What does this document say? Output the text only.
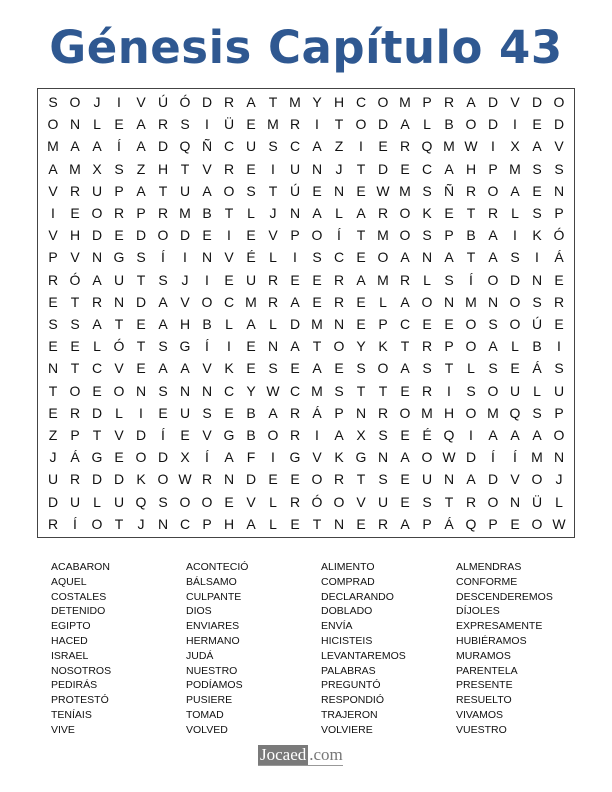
Génesis Capítulo 43
S O J	I	V Ú Ó D R A T M Y H C O M P R A D V D O
O N L E A R S	I	Ü E M R	I	T O D A L B O D	I	E D
M A A	Í	A D Q Ñ C U S C A Z	I	E R Q M W I	X A V
A M X S Z H T V R E	I	U N J	T D E C A H P M S S
V R U P A T U A O S T Ú E N E W M S Ñ R O A E N
I	E O R P R M B T L	J N A L A R O K E T R L S P
V H D E D O D E	I	E V P O	Í	T M O S P B A	I	K Ó
P V N G S	Í	I	N V É L	I	S C E O A N A T A S	I	Á
R Ó A U T S J	I	E U R E E R A M R L S	Í	O D N E
E T R N D A V O C M R A E R E L A O N M N O S R
S S A T E A H B L A L D M N E P C E E O S O Ú E
E E L Ó T S G	Í	I	E N A T O Y K T R P O A L B	I
N T C V E A A V K E S E A E S O A S T L S E Á S
T O E O N S N N C Y W C M S T T E R	I	S O U L U
E R D L	I	E U S E B A R Á P N R O M H O M Q S P
Z P T V D	Í	E V G B O R	I	A X S E É Q	I	A A A O
J Á G E O D X	Í	A F	I	G V K G N A O W D	Í	Í	M N
U R D D K O W R N D E E O R T S E U N A D V O J
D U L U Q S O O E V L R Ó O V U E S T R O N Ü L
R	Í	O T	J N C P H A L E T N E R A P Á Q P E O W
ACABARON	ACONTECIÓ	ALIMENTO	ALMENDRAS
AQUEL	BÁLSAMO	COMPRAD	CONFORME
COSTALES	CULPANTE	DECLARANDO	DESCENDEREMOS
DETENIDO	DIOS	DOBLADO	DÍJOLES
EGIPTO	ENVIARES	ENVÍA	EXPRESAMENTE
HACED	HERMANO	HICISTEIS	HUBIÉRAMOS
ISRAEL	JUDÁ	LEVANTAREMOS	MURAMOS
NOSOTROS	NUESTRO	PALABRAS	PARENTELA
PEDIRÁS	PODÍAMOS	PREGUNTÓ	PRESENTE
PROTESTÓ	PUSIERE	RESPONDIÓ	RESUELTO
TENÍAIS	TOMAD	TRAJERON	VIVAMOS
VIVE	VOLVED	VOLVIERE	VUESTRO
Jocaed .com
